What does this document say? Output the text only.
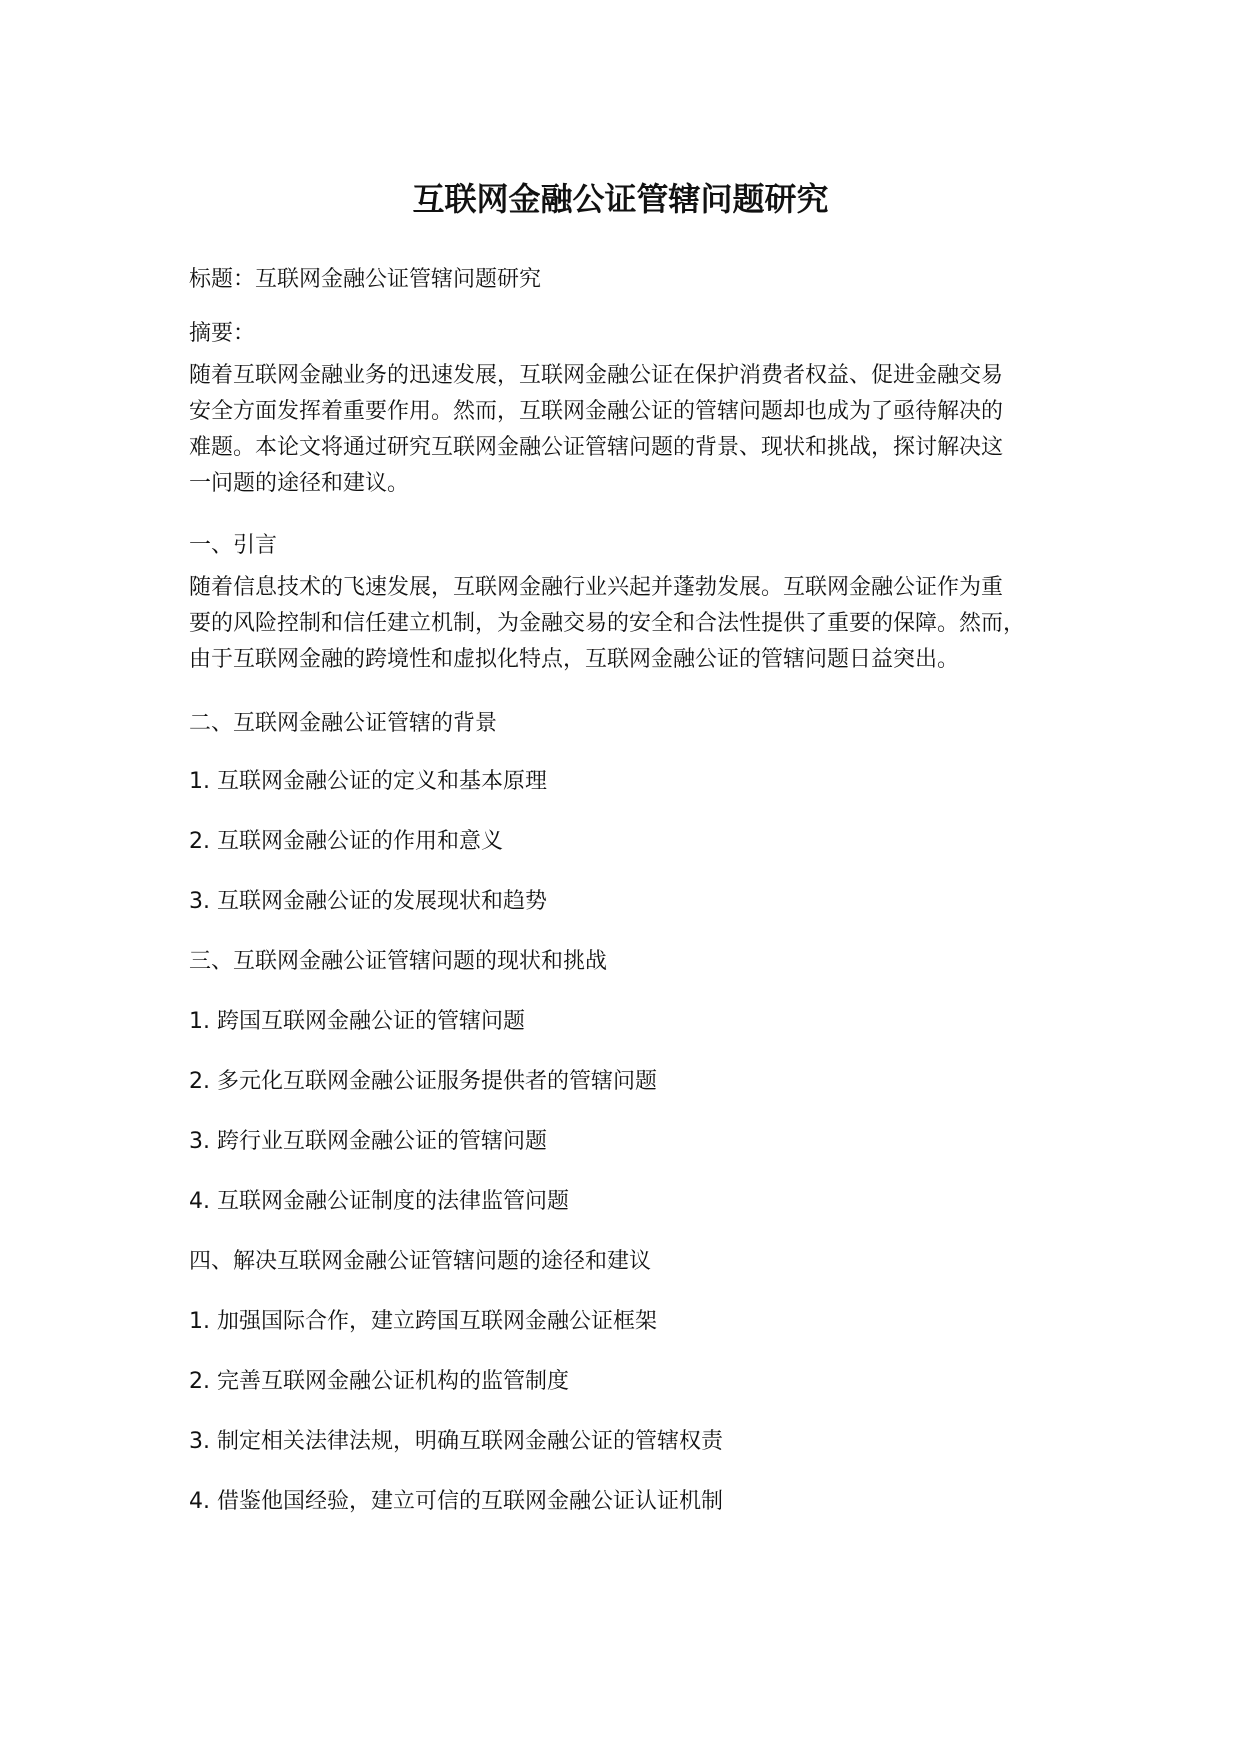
互联网金融公证管辖问题研究
标题：互联网金融公证管辖问题研究
摘要：
随着互联网金融业务的迅速发展，互联网金融公证在保护消费者权益、促进金融交易
安全方面发挥着重要作用。然而，互联网金融公证的管辖问题却也成为了亟待解决的
难题。本论文将通过研究互联网金融公证管辖问题的背景、现状和挑战，探讨解决这
一问题的途径和建议。
一、引言
随着信息技术的飞速发展，互联网金融行业兴起并蓬勃发展。互联网金融公证作为重
要的风险控制和信任建立机制，为金融交易的安全和合法性提供了重要的保障。然而，
由于互联网金融的跨境性和虚拟化特点，互联网金融公证的管辖问题日益突出。
二、互联网金融公证管辖的背景
1. 互联网金融公证的定义和基本原理
2. 互联网金融公证的作用和意义
3. 互联网金融公证的发展现状和趋势
三、互联网金融公证管辖问题的现状和挑战
1. 跨国互联网金融公证的管辖问题
2. 多元化互联网金融公证服务提供者的管辖问题
3. 跨行业互联网金融公证的管辖问题
4. 互联网金融公证制度的法律监管问题
四、解决互联网金融公证管辖问题的途径和建议
1. 加强国际合作，建立跨国互联网金融公证框架
2. 完善互联网金融公证机构的监管制度
3. 制定相关法律法规，明确互联网金融公证的管辖权责
4. 借鉴他国经验，建立可信的互联网金融公证认证机制
